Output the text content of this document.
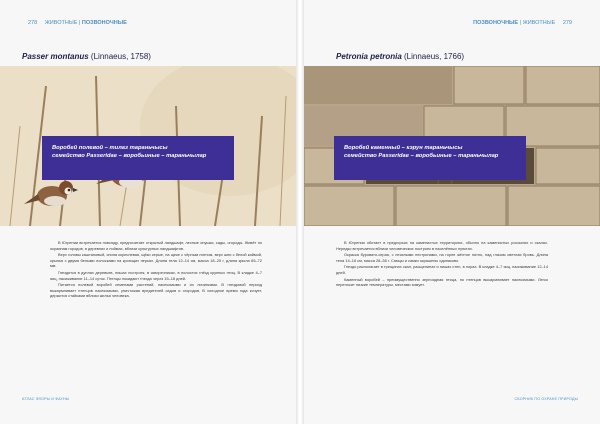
278 ЖИВОТНЫЕ | ПОЗВОНОЧНЫЕ
Passer montanus (Linnaeus, 1758)
Воробей полевой – тилаз тараньчысы
семейство Passeridae – воробьиные – тараньчылар

В Югрении встречается повсюду, предпочитает открытый ландшафт, лесные опушки, сады, огороды. Живёт по окраинам городов, в деревнях и поймах, вблизи культурных ландшафтов.

Верх головы каштановый, спина коричневая, щёки серые, на щеке с чёрным пятном, верх шеи с белой каймой, крылья с двумя белыми полосками на кроющих перьях. Длина тела 12–14 см, масса 18–25 г, длина крыла 65–72 мм.

Гнездится в дуплах деревьев, нишах построек, в скворечниках, в полостях гнёзд крупных птиц. В кладке 4–7 яиц, насиживание 11–14 суток. Птенцы покидают гнездо через 15–18 дней.

Питается полевой воробей семенами растений, насекомыми и их личинками. В гнездовой период выкармливает птенцов насекомыми, уничтожая вредителей садов и огородов. В холодное время года кочует, держится стайками вблизи жилья человека.

АТЛАС ФЛОРЫ И ФАУНЫ
ПОЗВОНОЧНЫЕ | ЖИВОТНЫЕ 279
Petronia petronia (Linnaeus, 1766)
Воробей каменный – кэрун тараньчысы
семейство Passeridae – воробьиные – тараньчылар

В Югрении обитает в предгорьях на каменистых территориях, обычно на каменистых россыпях и скалах. Нередко встречается вблизи человеческих построек в населённых пунктах.

Окраска буровато-серая, с неясными пестринами, на горле жёлтое пятно, над глазом светлая бровь. Длина тела 14–16 см, масса 28–36 г. Самцы и самки окрашены одинаково.

Гнездо располагает в трещинах скал, расщелинах и нишах стен, в норах. В кладке 4–7 яиц, насиживание 12–14 дней.

Каменный воробей – преимущественно зерноядная птица, но птенцов выкармливает насекомыми. Легко переносит низкие температуры, местами зимует.

СБОРНИК ПО ОХРАНЕ ПРИРОДЫ
